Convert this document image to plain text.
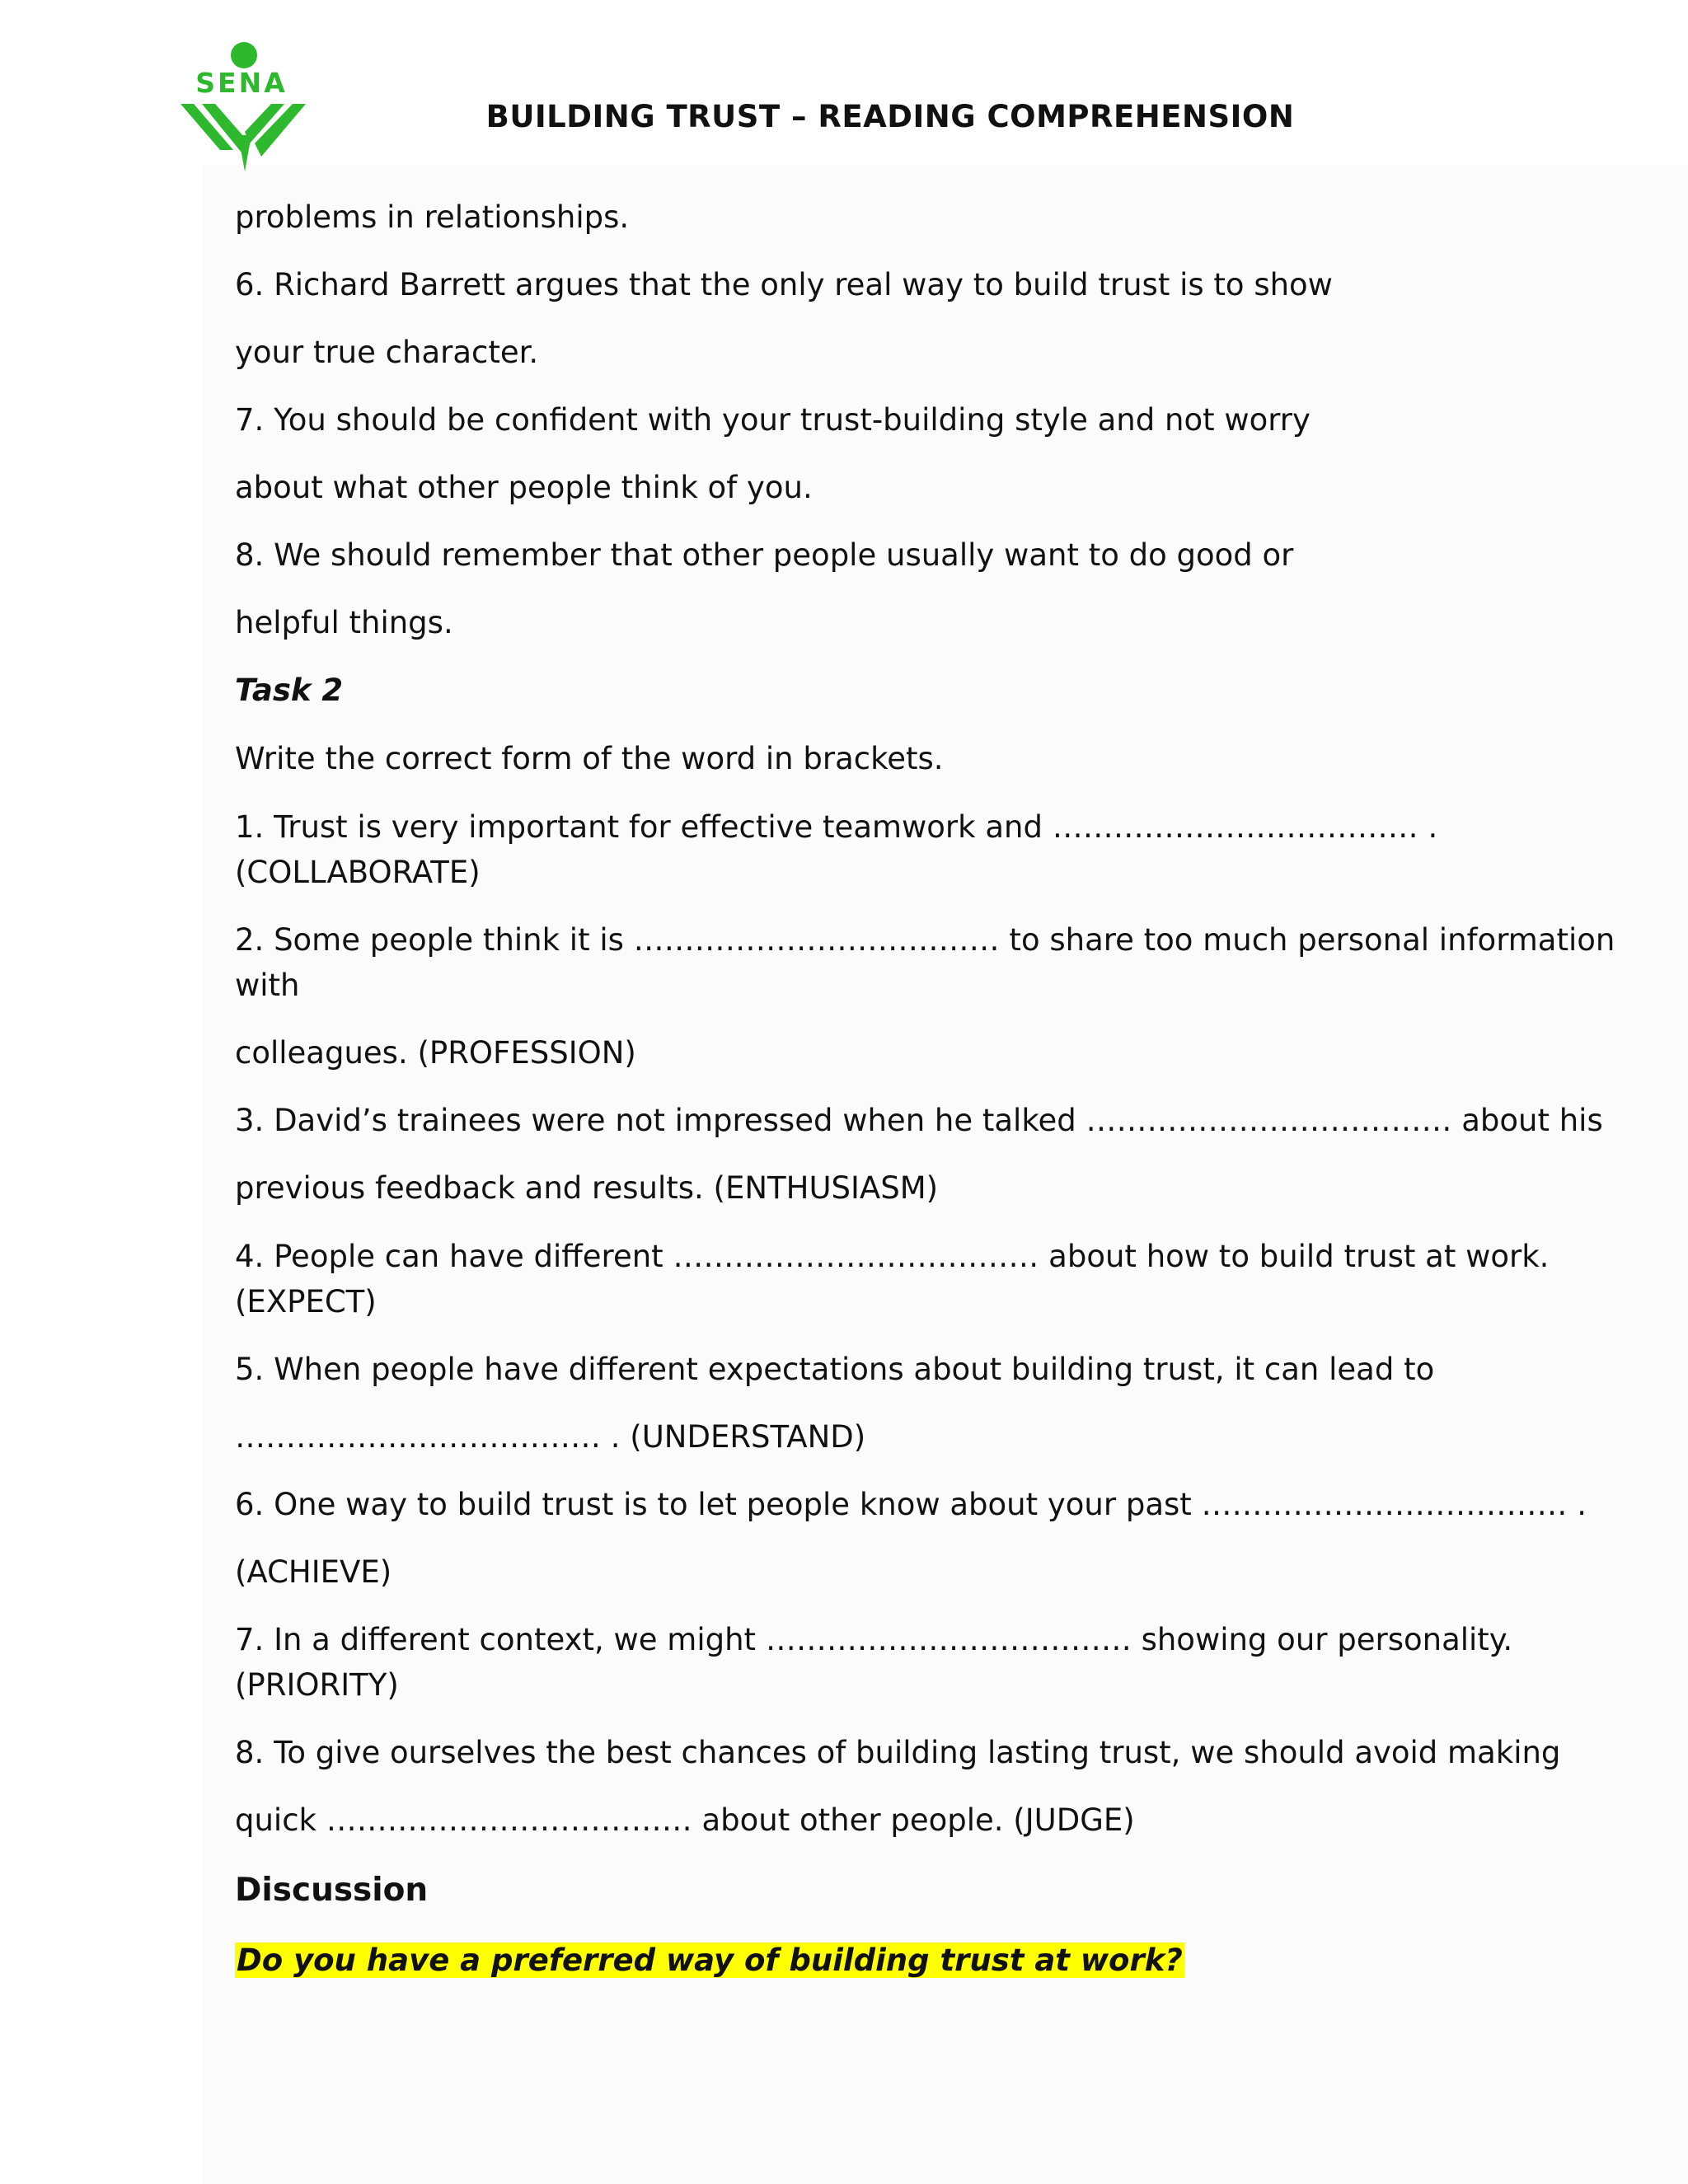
SENA
BUILDING TRUST – READING COMPREHENSION
problems in relationships.
6. Richard Barrett argues that the only real way to build trust is to show
your true character.
7. You should be confident with your trust-building style and not worry
about what other people think of you.
8. We should remember that other people usually want to do good or
helpful things.
Task 2
Write the correct form of the word in brackets.
1. Trust is very important for effective teamwork and ……………………………… .
(COLLABORATE)
2. Some people think it is ……………………………… to share too much personal information
with
colleagues. (PROFESSION)
3. David’s trainees were not impressed when he talked ……………………………… about his
previous feedback and results. (ENTHUSIASM)
4. People can have different ……………………………… about how to build trust at work.
(EXPECT)
5. When people have different expectations about building trust, it can lead to
……………………………… . (UNDERSTAND)
6. One way to build trust is to let people know about your past ……………………………… .
(ACHIEVE)
7. In a different context, we might ……………………………… showing our personality.
(PRIORITY)
8. To give ourselves the best chances of building lasting trust, we should avoid making
quick ……………………………… about other people. (JUDGE)
Discussion
Do you have a preferred way of building trust at work?
